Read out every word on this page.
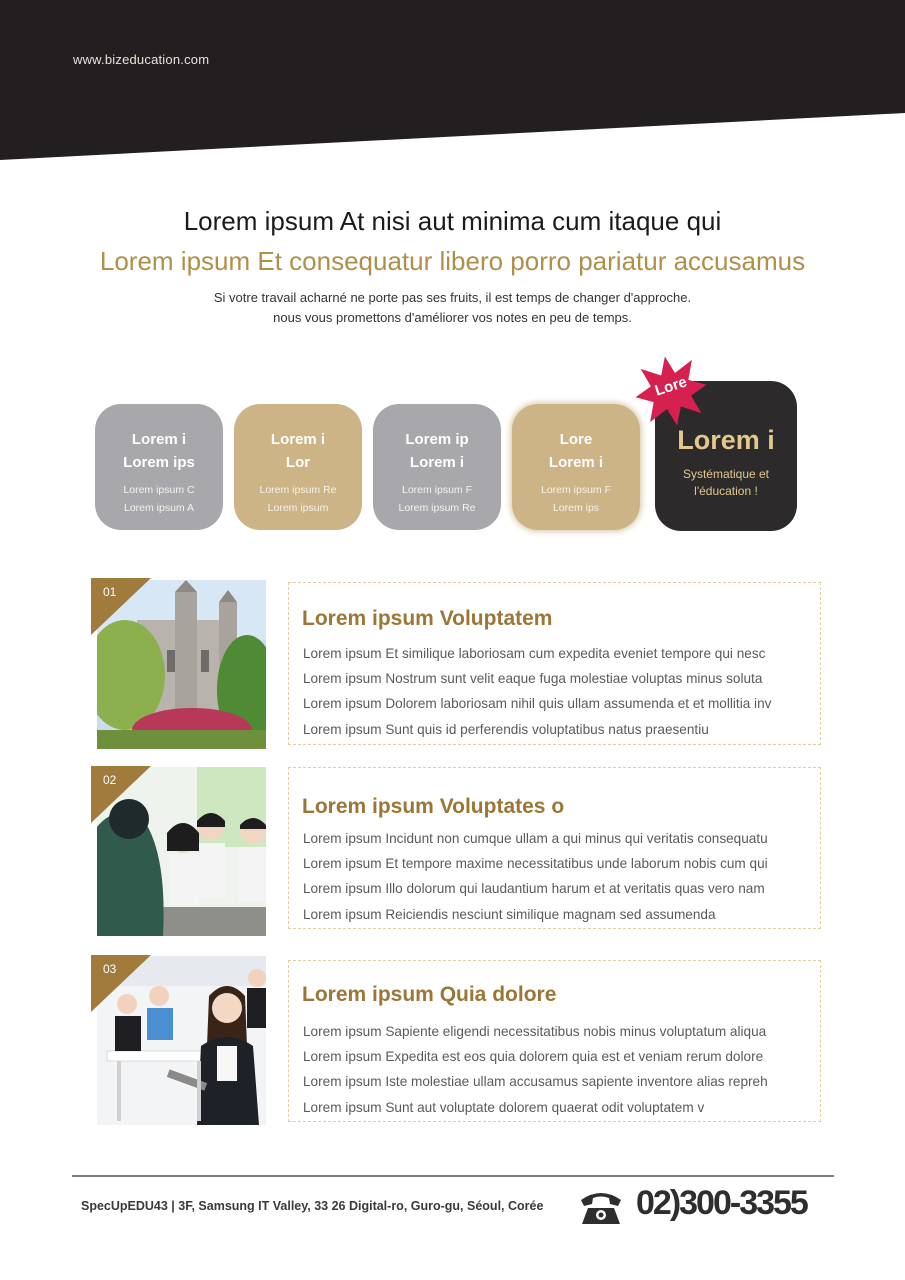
www.bizeducation.com
Lorem ipsum At nisi aut minima cum itaque qui
Lorem ipsum Et consequatur libero porro pariatur accusamus
Si votre travail acharné ne porte pas ses fruits, il est temps de changer d'approche.
nous vous promettons d'améliorer vos notes en peu de temps.
Lorem i
Lorem ips
Lorem ipsum C
Lorem ipsum A
Lorem i
Lor
Lorem ipsum Re
Lorem ipsum
Lorem ip
Lorem i
Lorem ipsum F
Lorem ipsum Re
Lore
Lorem i
Lorem ipsum F
Lorem ips
Lorem i
Systématique et
l'éducation !
Lore
01
Lorem ipsum Voluptatem
Lorem ipsum Et similique laboriosam cum expedita eveniet tempore qui nesc
Lorem ipsum Nostrum sunt velit eaque fuga molestiae voluptas minus soluta
Lorem ipsum Dolorem laboriosam nihil quis ullam assumenda et et mollitia inv
Lorem ipsum Sunt quis id perferendis voluptatibus natus praesentiu
02
Lorem ipsum Voluptates o
Lorem ipsum Incidunt non cumque ullam a qui minus qui veritatis consequatu
Lorem ipsum Et tempore maxime necessitatibus unde laborum nobis cum qui
Lorem ipsum Illo dolorum qui laudantium harum et at veritatis quas vero nam
Lorem ipsum Reiciendis nesciunt similique magnam sed assumenda
03
Lorem ipsum Quia dolore
Lorem ipsum Sapiente eligendi necessitatibus nobis minus voluptatum aliqua
Lorem ipsum Expedita est eos quia dolorem quia est et veniam rerum dolore
Lorem ipsum Iste molestiae ullam accusamus sapiente inventore alias repreh
Lorem ipsum Sunt aut voluptate dolorem quaerat odit voluptatem v
SpecUpEDU43 | 3F, Samsung IT Valley, 33 26 Digital-ro, Guro-gu, Séoul, Corée	02)300-3355
